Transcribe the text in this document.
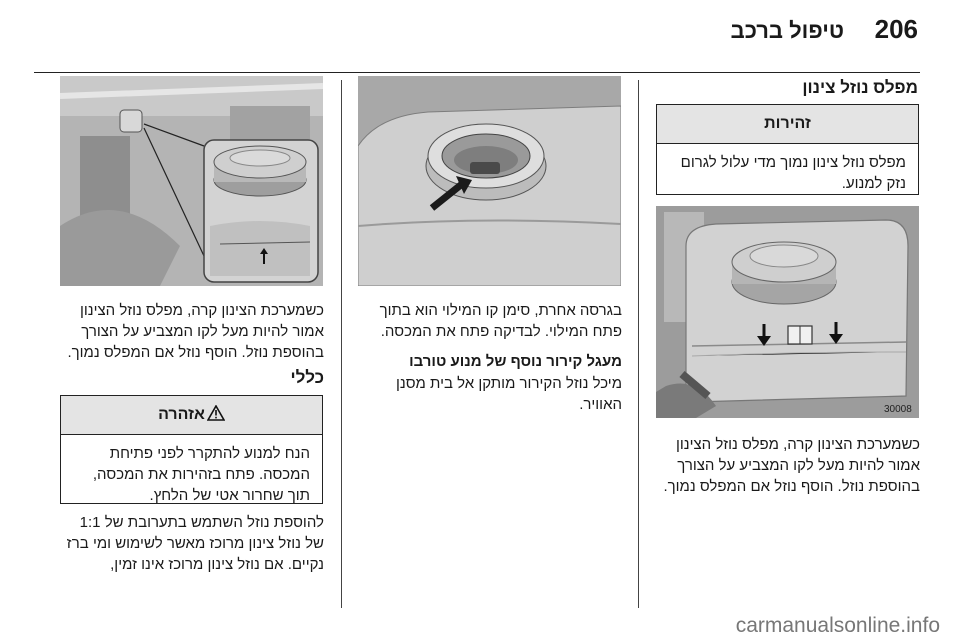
206
טיפול ברכב
מפלס נוזל צינון
זהירות
מפלס נוזל צינון נמוך מדי עלול לגרום
נזק למנוע.
30008
כשמערכת הצינון קרה, מפלס נוזל הצינון
אמור להיות מעל לקו המצביע על הצורך
בהוספת נוזל. הוסף נוזל אם המפלס נמוך.
בגרסה אחרת, סימן קו המילוי הוא בתוך
פתח המילוי. לבדיקה פתח את המכסה.
מעגל קירור נוסף של מנוע טורבו
מיכל נוזל הקירור מותקן אל בית מסנן
האוויר.
כשמערכת הצינון קרה, מפלס נוזל הצינון
אמור להיות מעל לקו המצביע על הצורך
בהוספת נוזל. הוסף נוזל אם המפלס נמוך.
כללי
אזהרה
הנח למנוע להתקרר לפני פתיחת
המכסה. פתח בזהירות את המכסה,
תוך שחרור אטי של הלחץ.
להוספת נוזל השתמש בתערובת של 1:1
של נוזל צינון מרוכז מאשר לשימוש ומי ברז
נקיים. אם נוזל צינון מרוכז אינו זמין,
carmanualsonline.info
